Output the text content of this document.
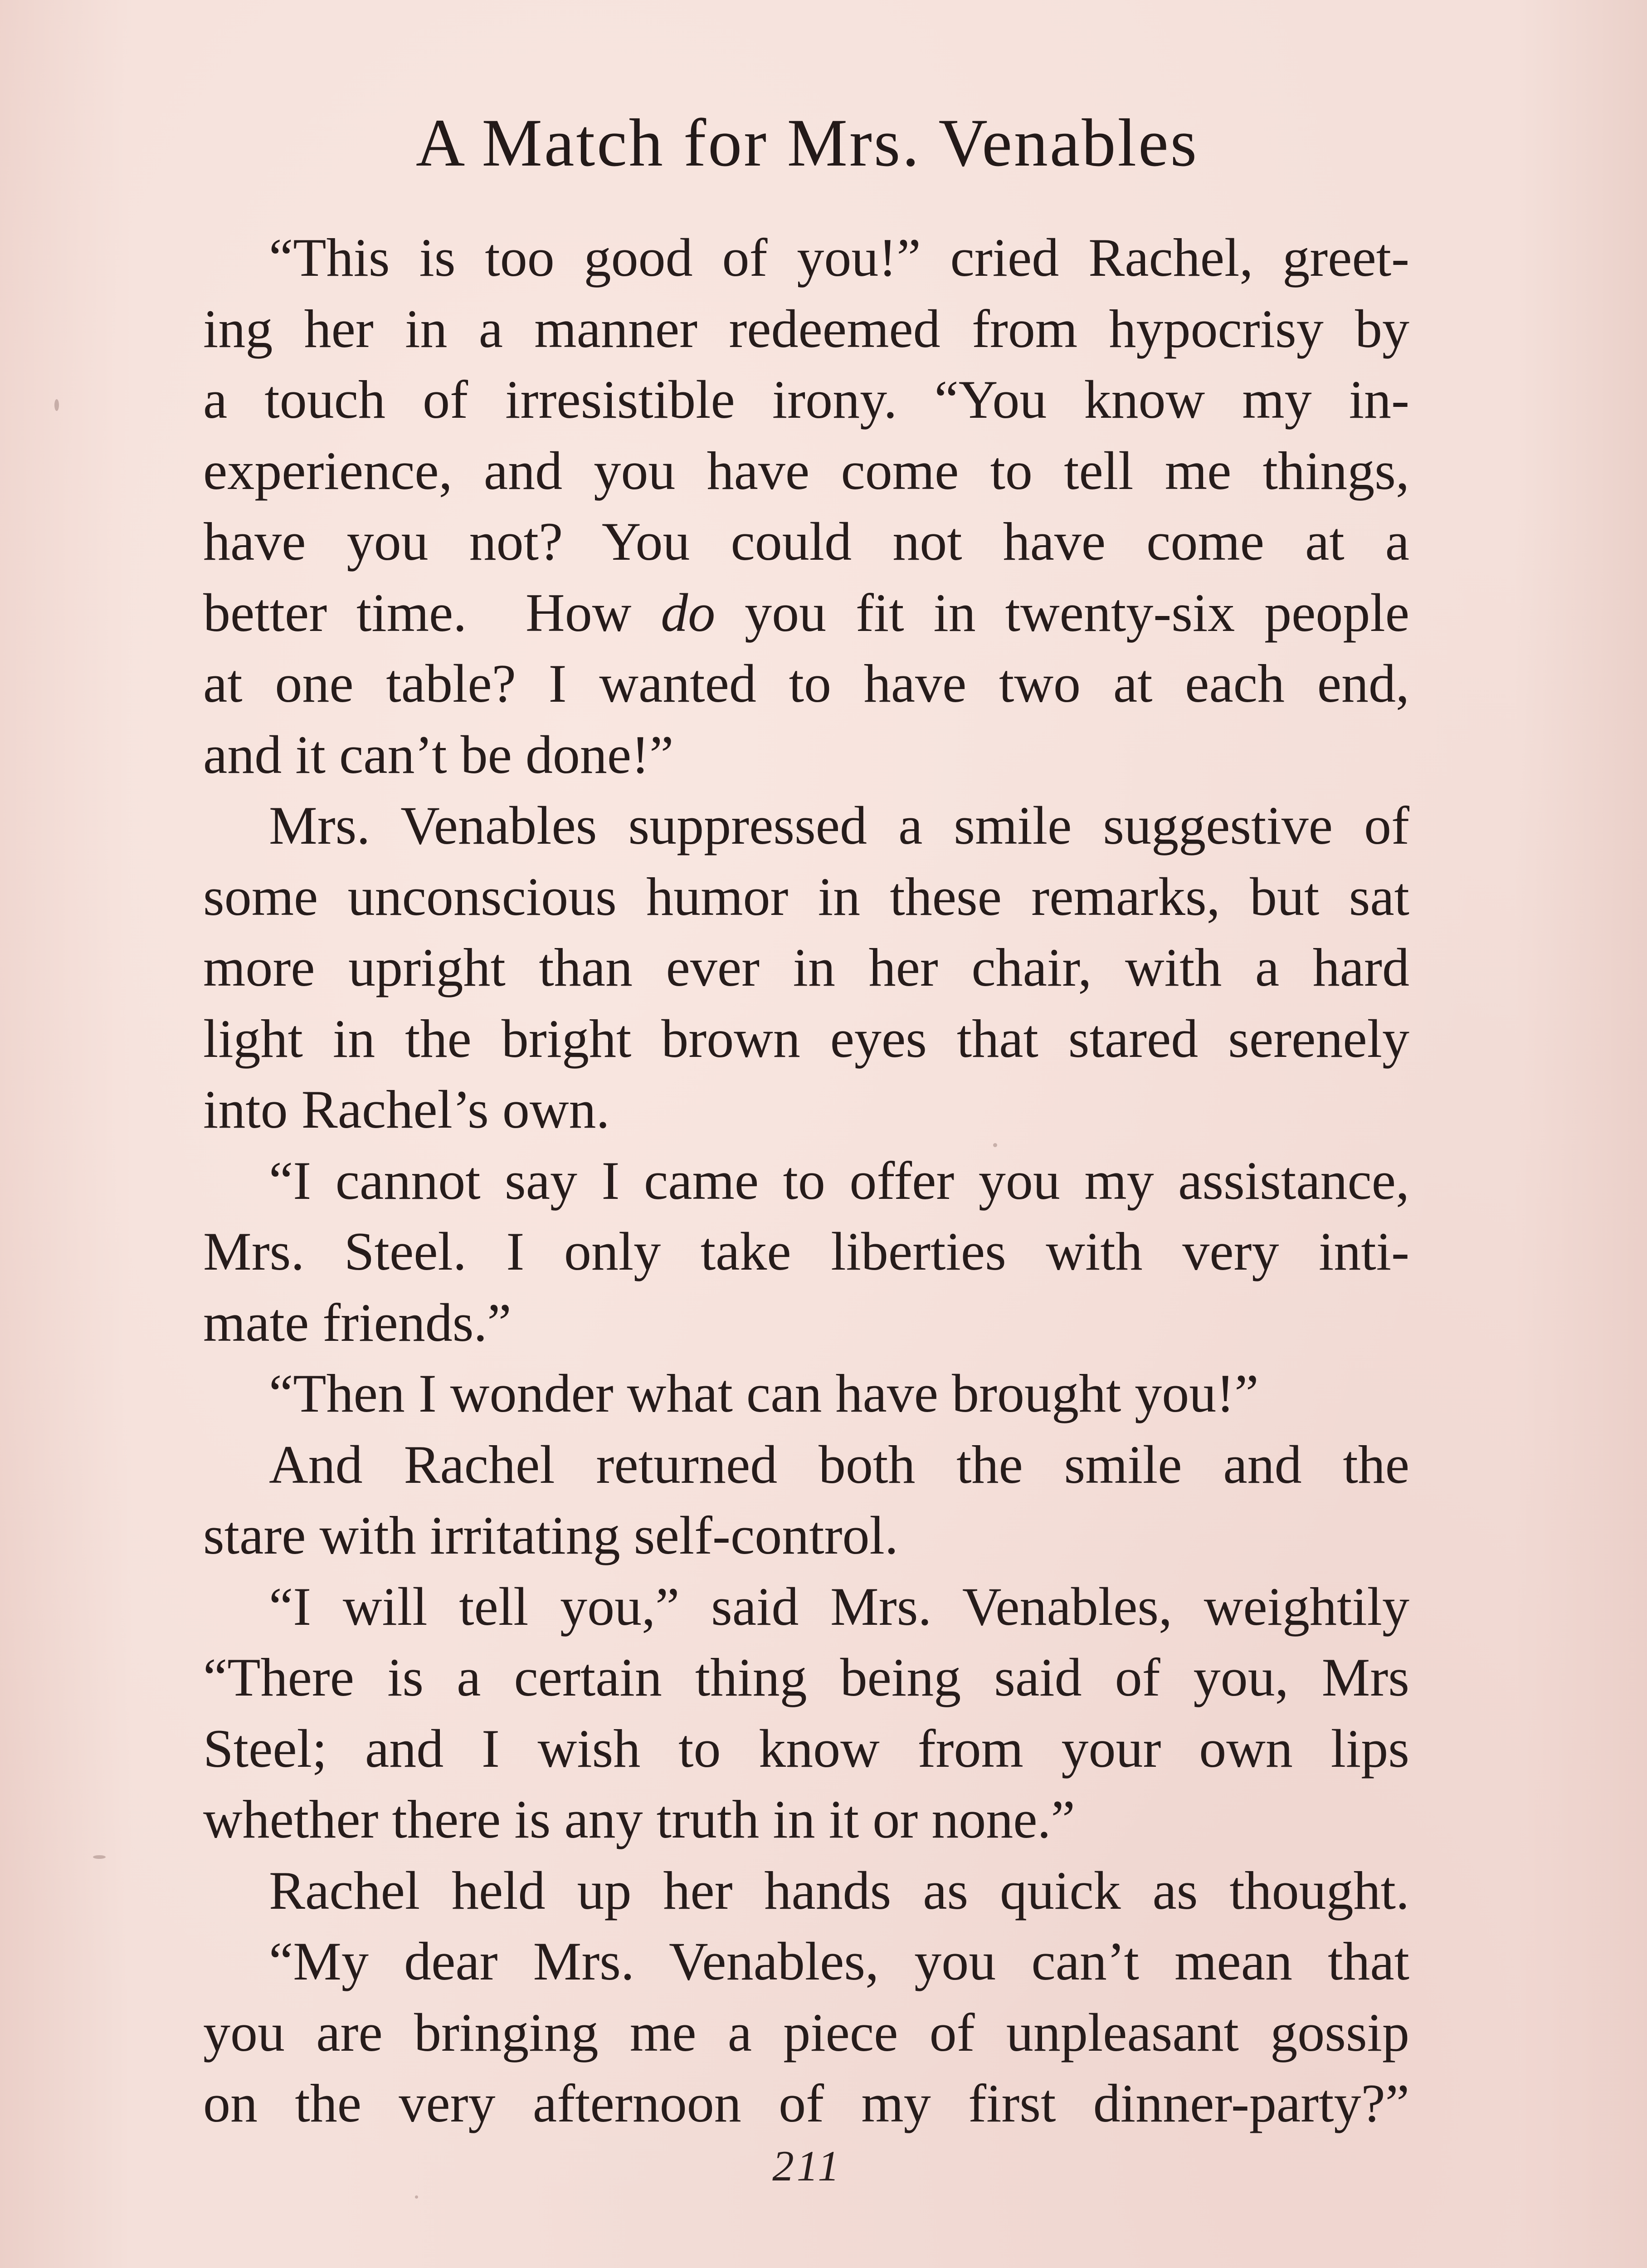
A Match for Mrs. Venables
“This is too good of you!” cried Rachel, greet-
ing her in a manner redeemed from hypocrisy by
a touch of irresistible irony. “You know my in-
experience, and you have come to tell me things,
have you not? You could not have come at a
better time.  How do you fit in twenty-six people
at one table? I wanted to have two at each end,
and it can’t be done!”
Mrs. Venables suppressed a smile suggestive of
some unconscious humor in these remarks, but sat
more upright than ever in her chair, with a hard
light in the bright brown eyes that stared serenely
into Rachel’s own.
“I cannot say I came to offer you my assistance,
Mrs. Steel. I only take liberties with very inti-
mate friends.”
“Then I wonder what can have brought you!”
And Rachel returned both the smile and the
stare with irritating self-control.
“I will tell you,” said Mrs. Venables, weightily
“There is a certain thing being said of you, Mrs
Steel; and I wish to know from your own lips
whether there is any truth in it or none.”
Rachel held up her hands as quick as thought.
“My dear Mrs. Venables, you can’t mean that
you are bringing me a piece of unpleasant gossip
on the very afternoon of my first dinner-party?”
211
